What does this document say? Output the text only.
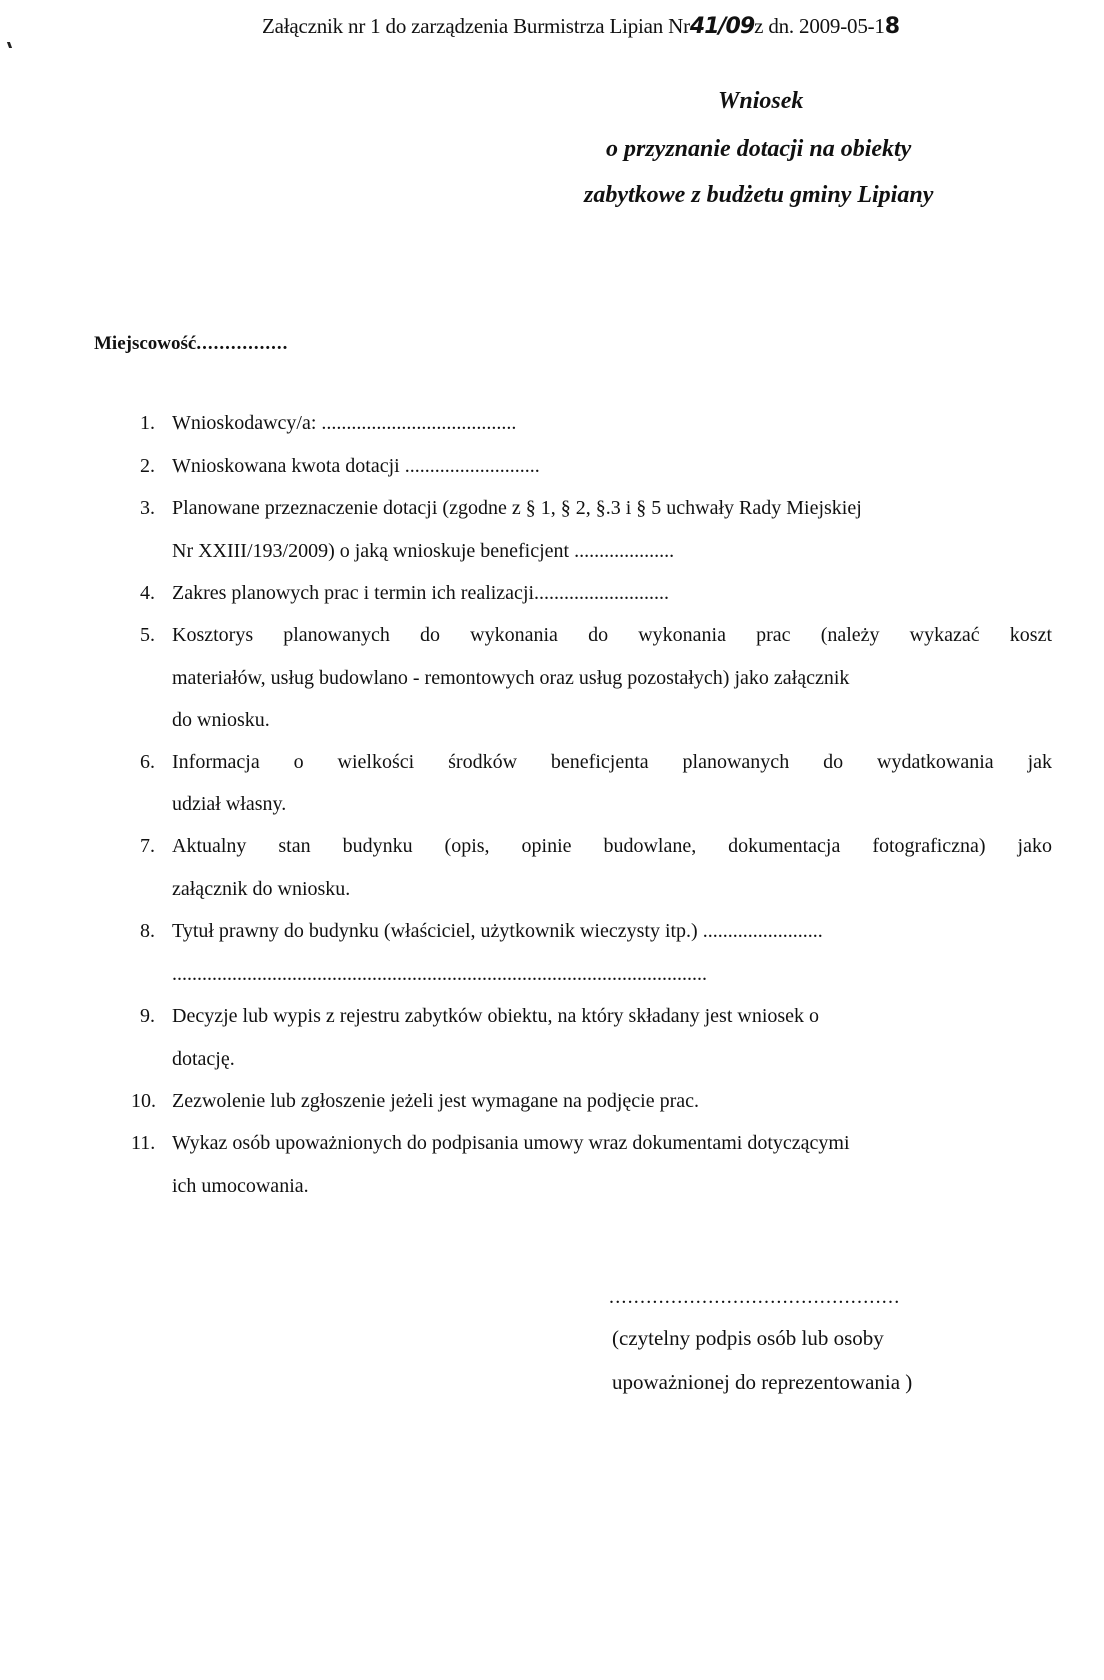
Załącznik nr 1 do zarządzenia Burmistrza Lipian Nr41/09z dn. 2009-05-18
Wniosek
o przyznanie dotacji na obiekty
zabytkowe z budżetu gminy Lipiany
Miejscowość................
1. Wnioskodawcy/a: .......................................
2. Wnioskowana kwota dotacji ...........................
3. Planowane przeznaczenie dotacji (zgodne z § 1, § 2, §.3 i § 5 uchwały Rady Miejskiej
Nr XXIII/193/2009) o jaką wnioskuje beneficjent ....................
4. Zakres planowych prac i termin ich realizacji...........................
5. Kosztorys planowanych do wykonania do wykonania prac (należy wykazać koszt
materiałów, usług budowlano - remontowych oraz usług pozostałych) jako załącznik
do wniosku.
6. Informacja o wielkości środków beneficjenta planowanych do wydatkowania jak
udział własny.
7. Aktualny stan budynku (opis, opinie budowlane, dokumentacja fotograficzna) jako
załącznik do wniosku.
8. Tytuł prawny do budynku (właściciel, użytkownik wieczysty itp.) ........................
...........................................................................................................
9. Decyzje lub wypis z rejestru zabytków obiektu, na który składany jest wniosek o
dotację.
10. Zezwolenie lub zgłoszenie jeżeli jest wymagane na podjęcie prac.
11. Wykaz osób upoważnionych do podpisania umowy wraz dokumentami dotyczącymi
ich umocowania.
...............................................
(czytelny podpis osób lub osoby
upoważnionej do reprezentowania )
